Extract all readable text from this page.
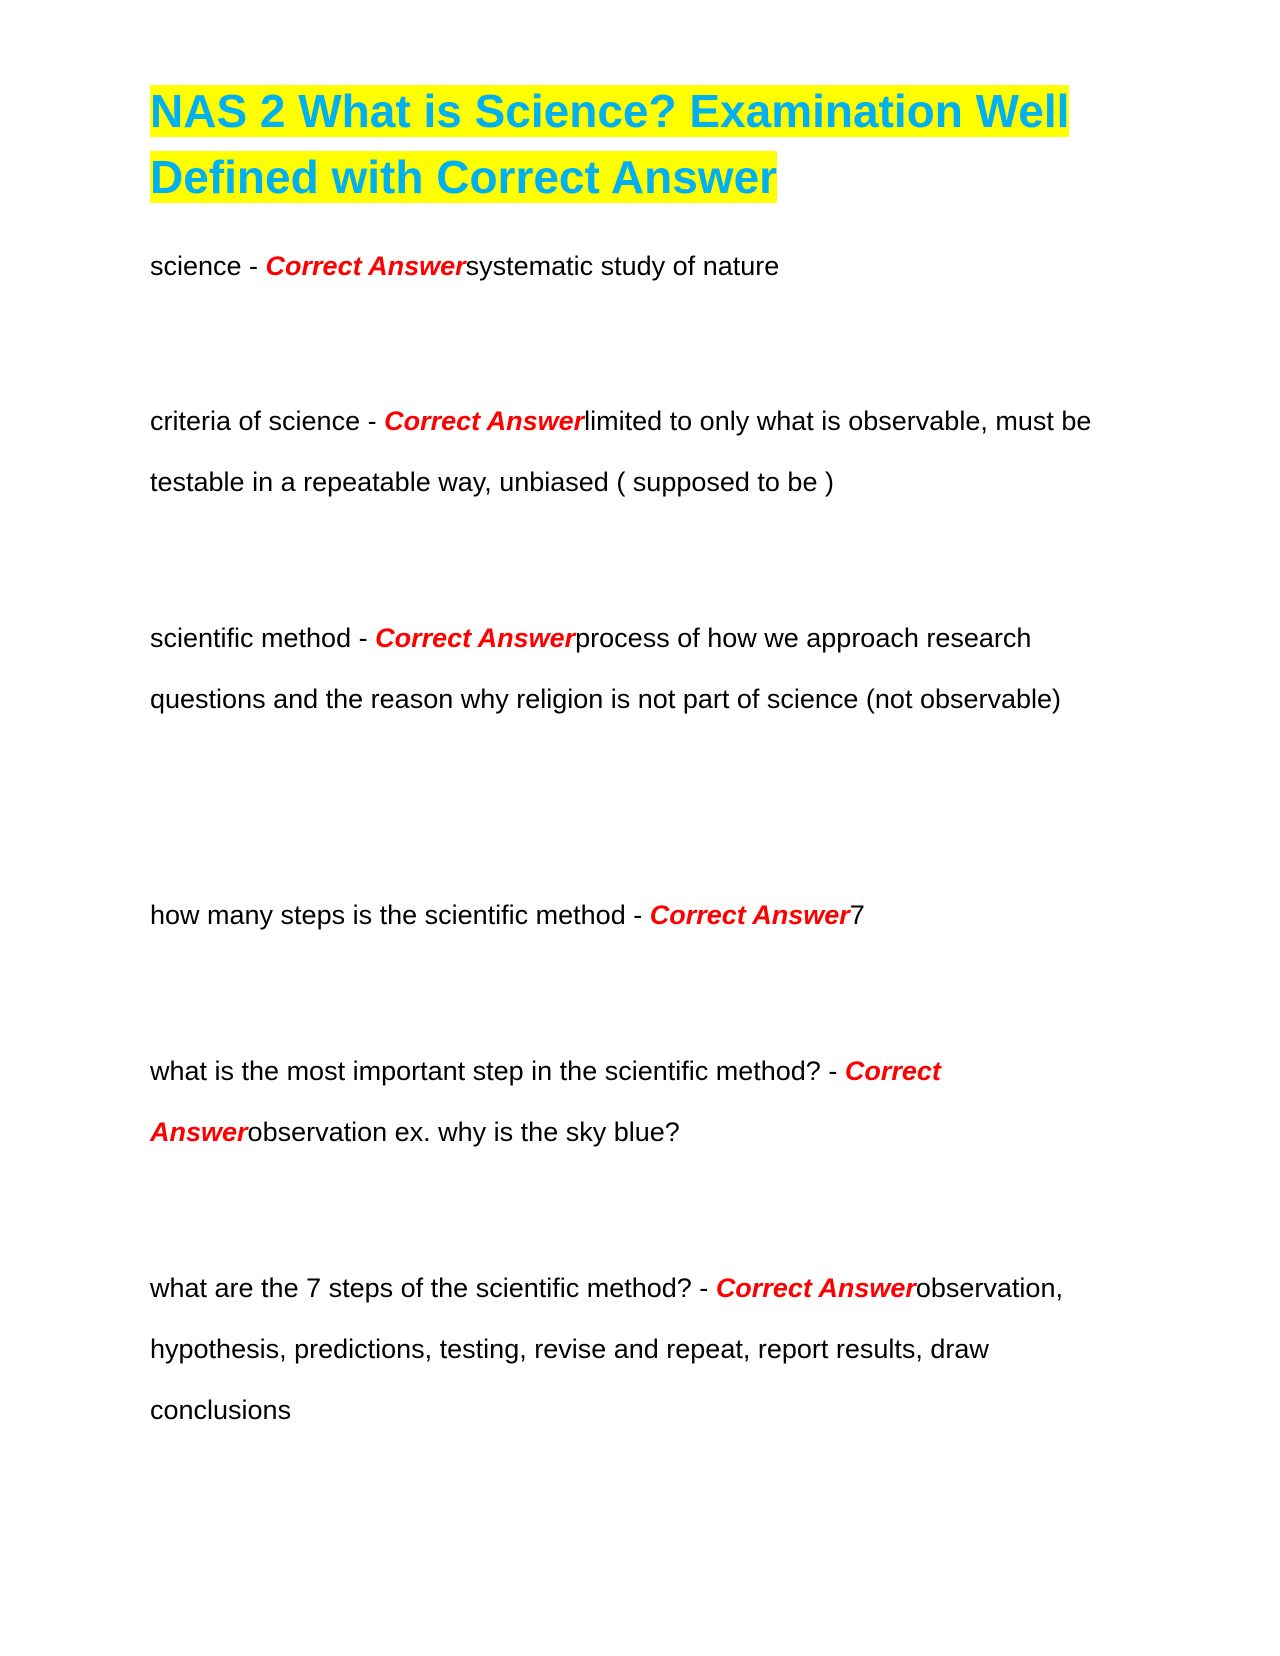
NAS 2 What is Science? Examination Well Defined with Correct Answer

science - Correct Answersystematic study of nature

criteria of science - Correct Answerlimited to only what is observable, must be testable in a repeatable way, unbiased ( supposed to be )

scientific method - Correct Answerprocess of how we approach research questions and the reason why religion is not part of science (not observable)

how many steps is the scientific method - Correct Answer7

what is the most important step in the scientific method? - Correct Answerobservation ex. why is the sky blue?

what are the 7 steps of the scientific method? - Correct Answerobservation, hypothesis, predictions, testing, revise and repeat, report results, draw conclusions
